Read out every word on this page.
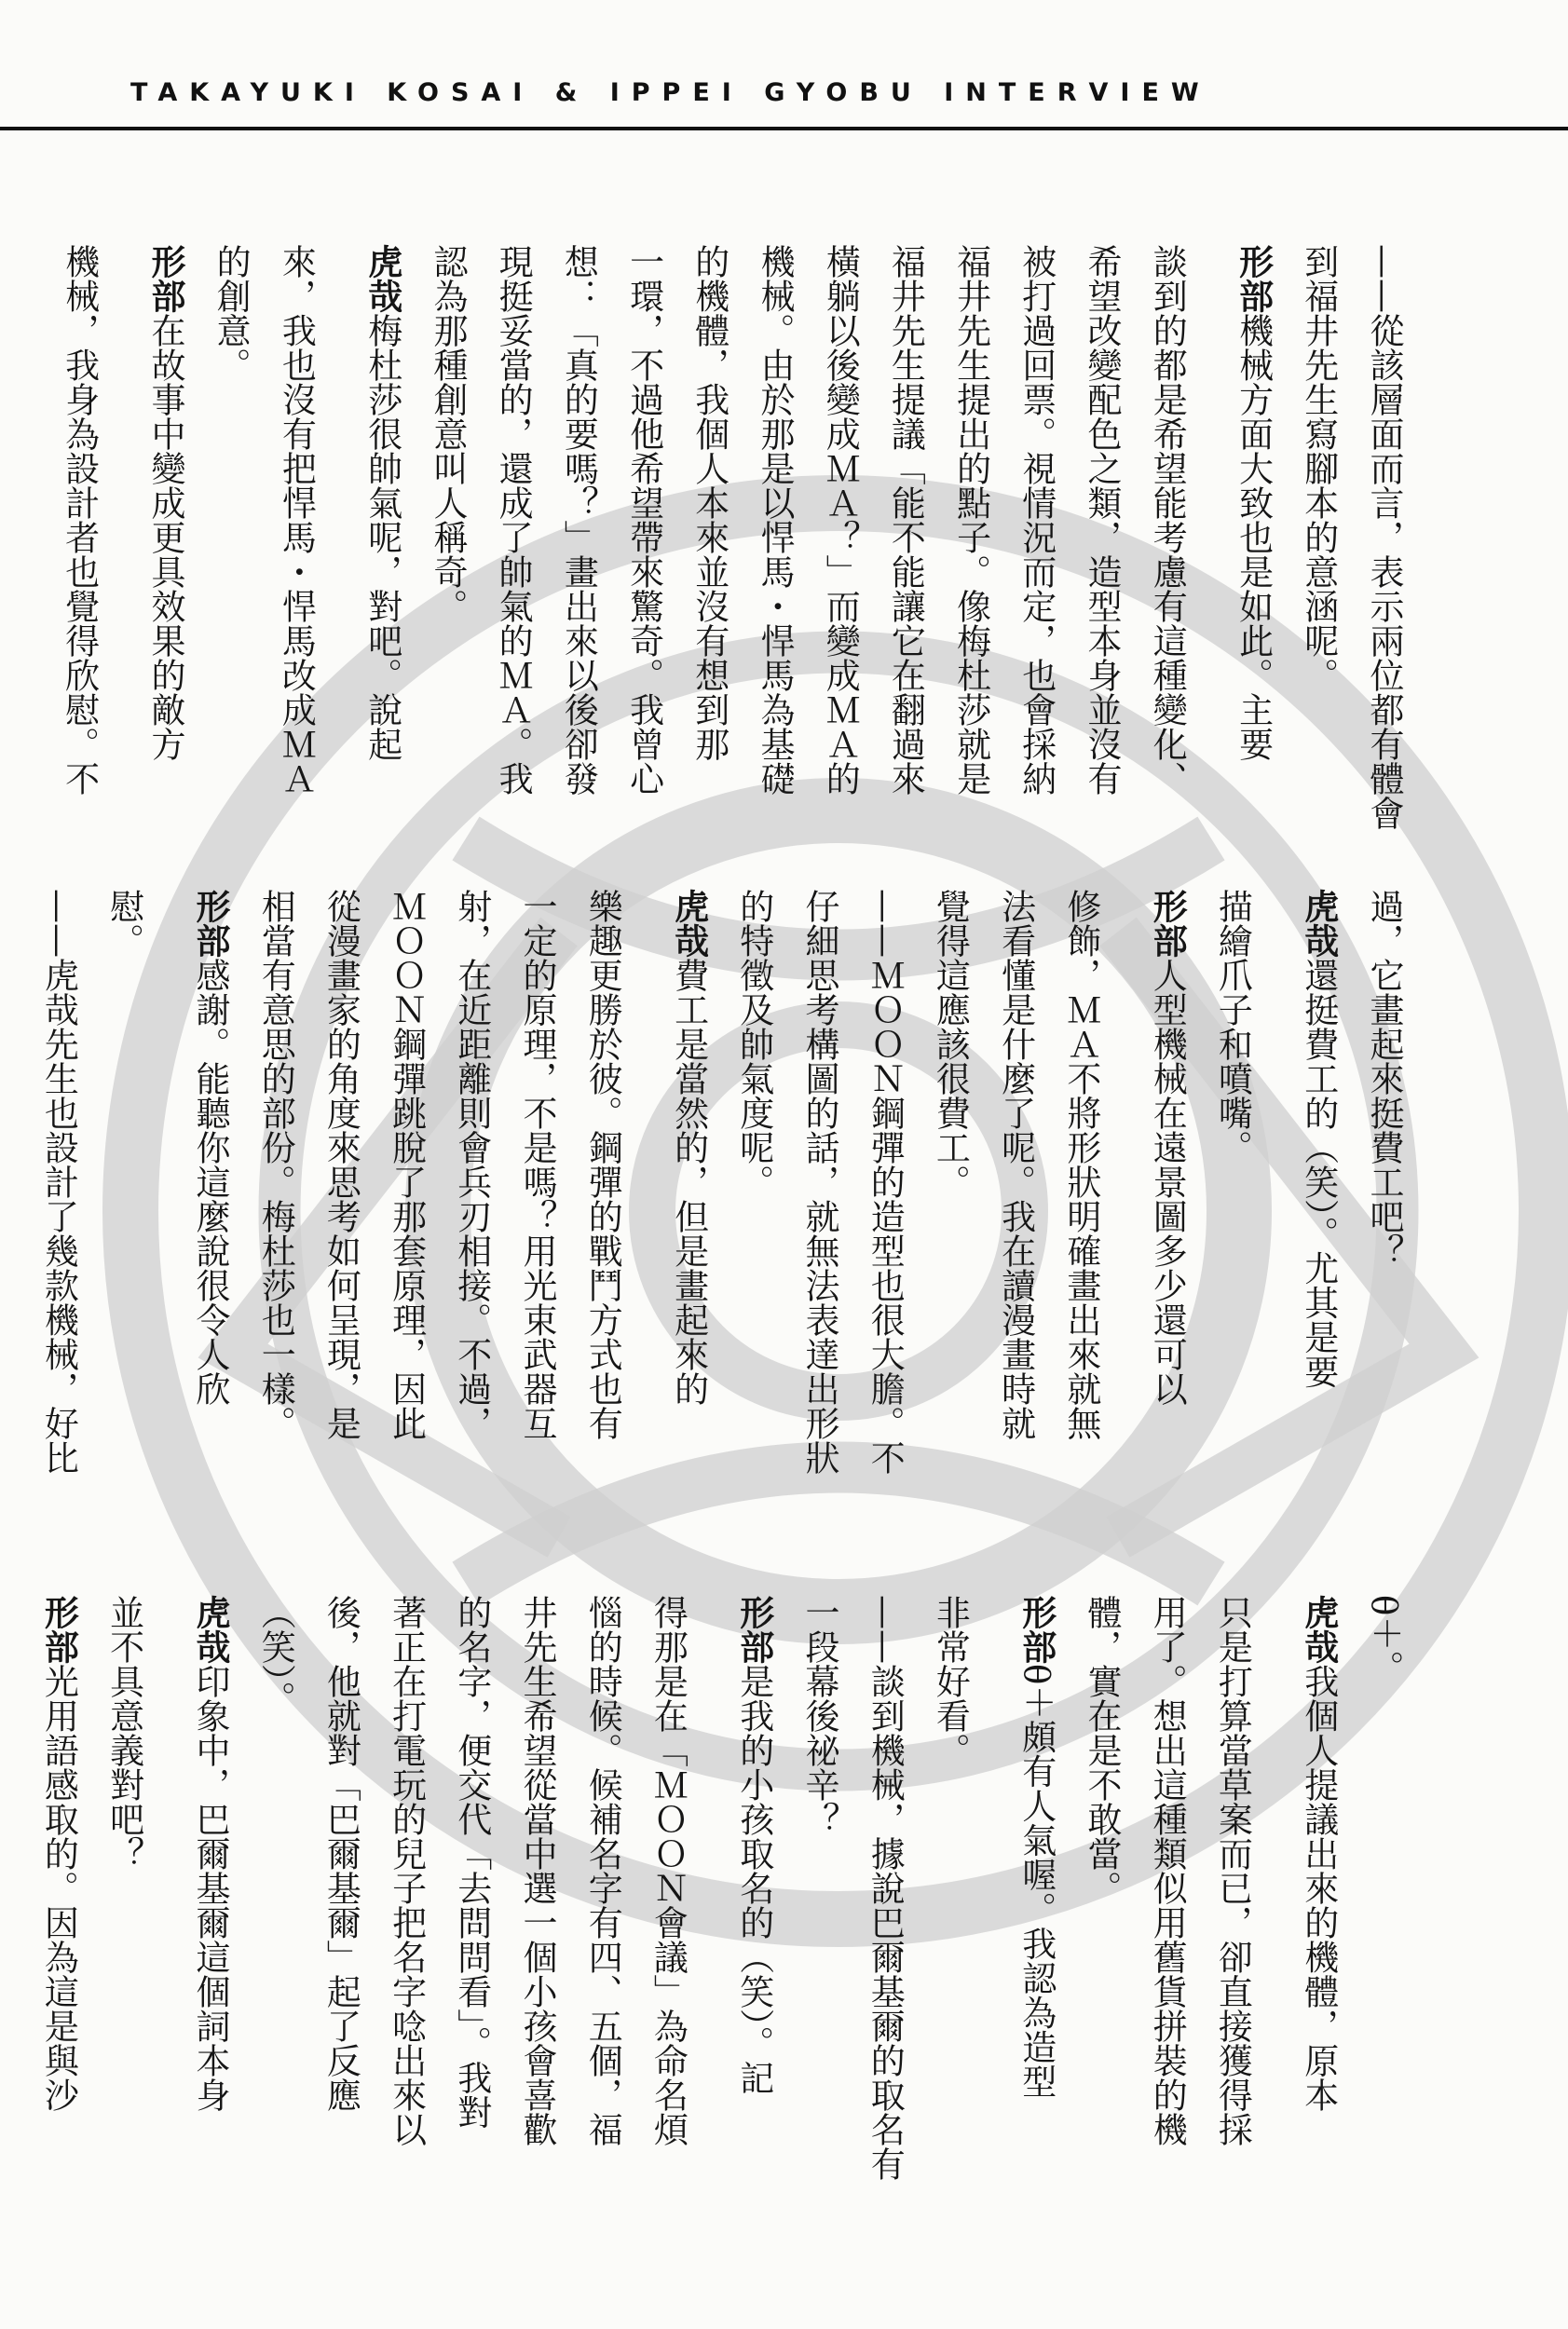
TAKAYUKI KOSAI & IPPEI GYOBU INTERVIEW
——從該層面而言，表示兩位都有體會
到福井先生寫腳本的意涵呢。
形部機械方面大致也是如此。主要
談到的都是希望能考慮有這種變化、
希望改變配色之類，造型本身並沒有
被打過回票。視情況而定，也會採納
福井先生提出的點子。像梅杜莎就是
福井先生提議「能不能讓它在翻過來
橫躺以後變成ＭＡ？」而變成ＭＡ的
機械。由於那是以悍馬・悍馬為基礎
的機體，我個人本來並沒有想到那
一環，不過他希望帶來驚奇。我曾心
想：「真的要嗎？」畫出來以後卻發
現挺妥當的，還成了帥氣的ＭＡ。我
認為那種創意叫人稱奇。
虎哉梅杜莎很帥氣呢，對吧。說起
來，我也沒有把悍馬・悍馬改成ＭＡ
的創意。
形部在故事中變成更具效果的敵方
機械，我身為設計者也覺得欣慰。不
過，它畫起來挺費工吧？
虎哉還挺費工的（笑）。尤其是要
描繪爪子和噴嘴。
形部人型機械在遠景圖多少還可以
修飾，ＭＡ不將形狀明確畫出來就無
法看懂是什麼了呢。我在讀漫畫時就
覺得這應該很費工。
——ＭＯＯＮ鋼彈的造型也很大膽。不
仔細思考構圖的話，就無法表達出形狀
的特徵及帥氣度呢。
虎哉費工是當然的，但是畫起來的
樂趣更勝於彼。鋼彈的戰鬥方式也有
一定的原理，不是嗎？用光束武器互
射，在近距離則會兵刃相接。不過，
ＭＯＯＮ鋼彈跳脫了那套原理，因此
從漫畫家的角度來思考如何呈現，是
相當有意思的部份。梅杜莎也一樣。
形部感謝。能聽你這麼說很令人欣
慰。
——虎哉先生也設計了幾款機械，好比
θ＋。
虎哉我個人提議出來的機體，原本
只是打算當草案而已，卻直接獲得採
用了。想出這種類似用舊貨拼裝的機
體，實在是不敢當。
形部θ＋頗有人氣喔。我認為造型
非常好看。
——談到機械，據說巴爾基爾的取名有
一段幕後祕辛？
形部是我的小孩取名的（笑）。記
得那是在「ＭＯＯＮ會議」為命名煩
惱的時候。候補名字有四、五個，福
井先生希望從當中選一個小孩會喜歡
的名字，便交代「去問問看」。我對
著正在打電玩的兒子把名字唸出來以
後，他就對「巴爾基爾」起了反應
（笑）。
虎哉印象中，巴爾基爾這個詞本身
並不具意義對吧？
形部光用語感取的。因為這是與沙
